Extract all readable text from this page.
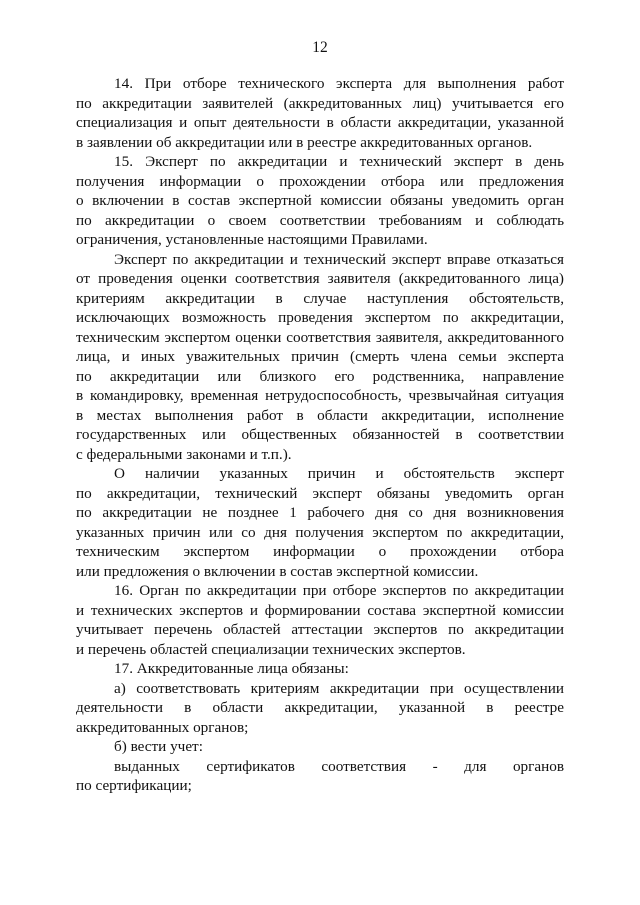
12
14. При отборе технического эксперта для выполнения работ
по аккредитации заявителей (аккредитованных лиц) учитывается его
специализация и опыт деятельности в области аккредитации, указанной
в заявлении об аккредитации или в реестре аккредитованных органов.
15. Эксперт по аккредитации и технический эксперт в день
получения информации о прохождении отбора или предложения
о включении в состав экспертной комиссии обязаны уведомить орган
по аккредитации о своем соответствии требованиям и соблюдать
ограничения, установленные настоящими Правилами.
Эксперт по аккредитации и технический эксперт вправе отказаться
от проведения оценки соответствия заявителя (аккредитованного лица)
критериям аккредитации в случае наступления обстоятельств,
исключающих возможность проведения экспертом по аккредитации,
техническим экспертом оценки соответствия заявителя, аккредитованного
лица, и иных уважительных причин (смерть члена семьи эксперта
по аккредитации или близкого его родственника, направление
в командировку, временная нетрудоспособность, чрезвычайная ситуация
в местах выполнения работ в области аккредитации, исполнение
государственных или общественных обязанностей в соответствии
с федеральными законами и т.п.).
О наличии указанных причин и обстоятельств эксперт
по аккредитации, технический эксперт обязаны уведомить орган
по аккредитации не позднее 1 рабочего дня со дня возникновения
указанных причин или со дня получения экспертом по аккредитации,
техническим экспертом информации о прохождении отбора
или предложения о включении в состав экспертной комиссии.
16. Орган по аккредитации при отборе экспертов по аккредитации
и технических экспертов и формировании состава экспертной комиссии
учитывает перечень областей аттестации экспертов по аккредитации
и перечень областей специализации технических экспертов.
17. Аккредитованные лица обязаны:
а) соответствовать критериям аккредитации при осуществлении
деятельности в области аккредитации, указанной в реестре
аккредитованных органов;
б) вести учет:
выданных сертификатов соответствия - для органов
по сертификации;
